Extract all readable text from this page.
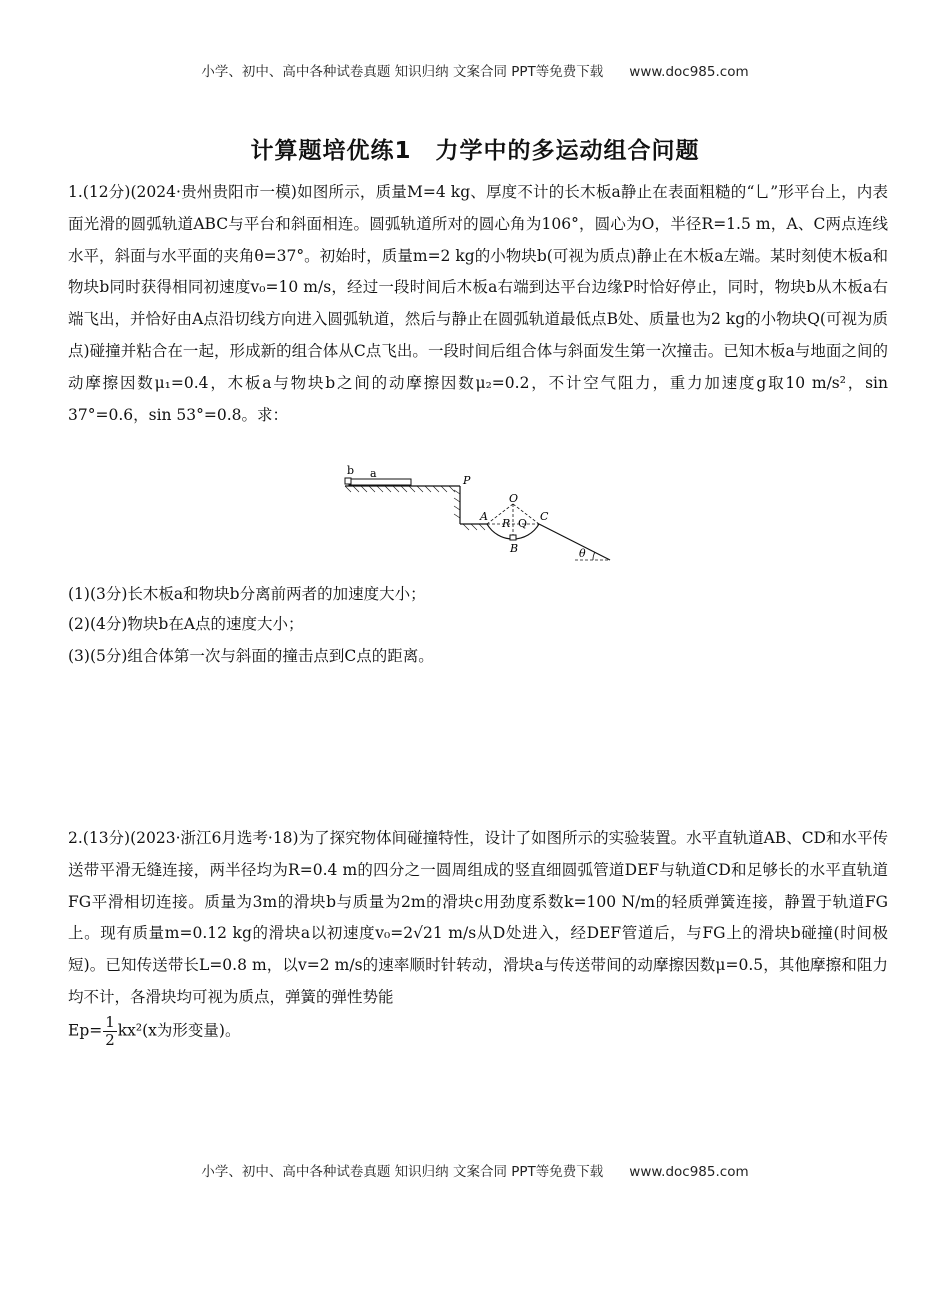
小学、初中、高中各种试卷真题 知识归纳 文案合同 PPT等免费下载 www.doc985.com
计算题培优练1　力学中的多运动组合问题

1.(12分)(2024·贵州贵阳市一模)如图所示，质量M=4 kg、厚度不计的长木板a静止在表面粗糙的“乚”形平台上，内表面光滑的圆弧轨道ABC与平台和斜面相连。圆弧轨道所对的圆心角为106°，圆心为O，半径R=1.5 m，A、C两点连线水平，斜面与水平面的夹角θ=37°。初始时，质量m=2 kg的小物块b(可视为质点)静止在木板a左端。某时刻使木板a和物块b同时获得相同初速度v₀=10 m/s，经过一段时间后木板a右端到达平台边缘P时恰好停止，同时，物块b从木板a右端飞出，并恰好由A点沿切线方向进入圆弧轨道，然后与静止在圆弧轨道最低点B处、质量也为2 kg的小物块Q(可视为质点)碰撞并粘合在一起，形成新的组合体从C点飞出。一段时间后组合体与斜面发生第一次撞击。已知木板a与地面之间的动摩擦因数μ₁=0.4，木板a与物块b之间的动摩擦因数μ₂=0.2，不计空气阻力，重力加速度g取10 m/s²，sin 37°=0.6，sin 53°=0.8。求：

b a
P
O
A	C
R Q
B	θ
(1)(3分)长木板a和物块b分离前两者的加速度大小；
(2)(4分)物块b在A点的速度大小；
(3)(5分)组合体第一次与斜面的撞击点到C点的距离。

2.(13分)(2023·浙江6月选考·18)为了探究物体间碰撞特性，设计了如图所示的实验装置。水平直轨道AB、CD和水平传送带平滑无缝连接，两半径均为R=0.4 m的四分之一圆周组成的竖直细圆弧管道DEF与轨道CD和足够长的水平直轨道FG平滑相切连接。质量为3m的滑块b与质量为2m的滑块c用劲度系数k=100 N/m的轻质弹簧连接，静置于轨道FG上。现有质量m=0.12 kg的滑块a以初速度v₀=2√21 m/s从D处进入，经DEF管道后，与FG上的滑块b碰撞(时间极短)。已知传送带长L=0.8 m，以v=2 m/s的速率顺时针转动，滑块a与传送带间的动摩擦因数μ=0.5，其他摩擦和阻力均不计，各滑块均可视为质点，弹簧的弹性势能
$Ep= \frac{1}{2} kx^2(x$为形变量)。

小学、初中、高中各种试卷真题 知识归纳 文案合同 PPT等免费下载 www.doc985.com
